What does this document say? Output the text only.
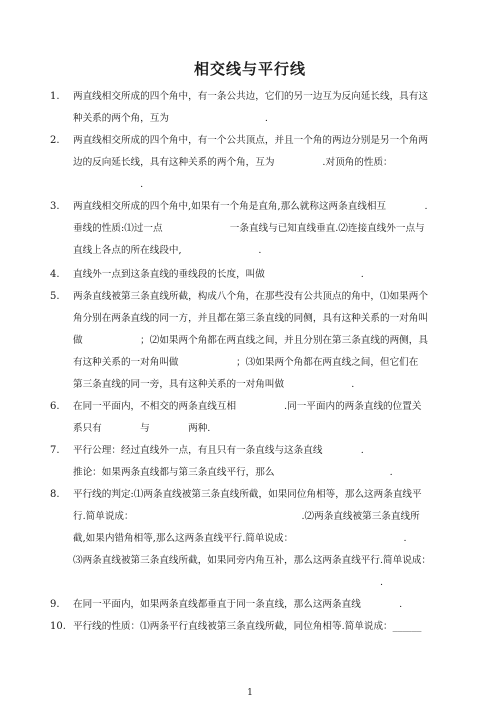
相交线与平行线
1. 两直线相交所成的四个角中，有一条公共边，它们的另一边互为反向延长线，具有这
种关系的两个角，互为　　　　　　　　　　.
2. 两直线相交所成的四个角中，有一个公共顶点，并且一个角的两边分别是另一个角两
边的反向延长线，具有这种关系的两个角，互为　　　　　.对顶角的性质：
　　　　　　　.
3. 两直线相交所成的四个角中,如果有一个角是直角,那么就称这两条直线相互　　　　.
垂线的性质:⑴过一点　　　　　　　一条直线与已知直线垂直.⑵连接直线外一点与
直线上各点的所在线段中,　　　　　　　　.
4. 直线外一点到这条直线的垂线段的长度，叫做　　　　　　　　　　.
5. 两条直线被第三条直线所截，构成八个角，在那些没有公共顶点的角中，⑴如果两个
角分别在两条直线的同一方，并且都在第三条直线的同侧，具有这种关系的一对角叫
做　　　　　　；⑵如果两个角都在两直线之间，并且分别在第三条直线的两侧，具
有这种关系的一对角叫做　　　　　　；⑶如果两个角都在两直线之间，但它们在
第三条直线的同一旁，具有这种关系的一对角叫做　　　　　　　.
6. 在同一平面内，不相交的两条直线互相　　　　　.同一平面内的两条直线的位置关
系只有　　　　与　　　　两种.
7. 平行公理：经过直线外一点，有且只有一条直线与这条直线　　　　.
推论：如果两条直线都与第三条直线平行，那么　　　　　　　　　　　　.
8. 平行线的判定:⑴两条直线被第三条直线所截，如果同位角相等，那么这两条直线平
行.简单说成：　　　　　　　　　　　　　　　　　　.⑵两条直线被第三条直线所
截,如果内错角相等,那么这两条直线平行.简单说成：　　　　　　　　　　　　.
⑶两条直线被第三条直线所截，如果同旁内角互补，那么这两条直线平行.简单说成：
　　　　　　　　　　　　　　　　　　　　　　　　　　　　　　　　.
9. 在同一平面内，如果两条直线都垂直于同一条直线，那么这两条直线　　　　.
10. 平行线的性质：⑴两条平行直线被第三条直线所截，同位角相等.简单说成：______
1
